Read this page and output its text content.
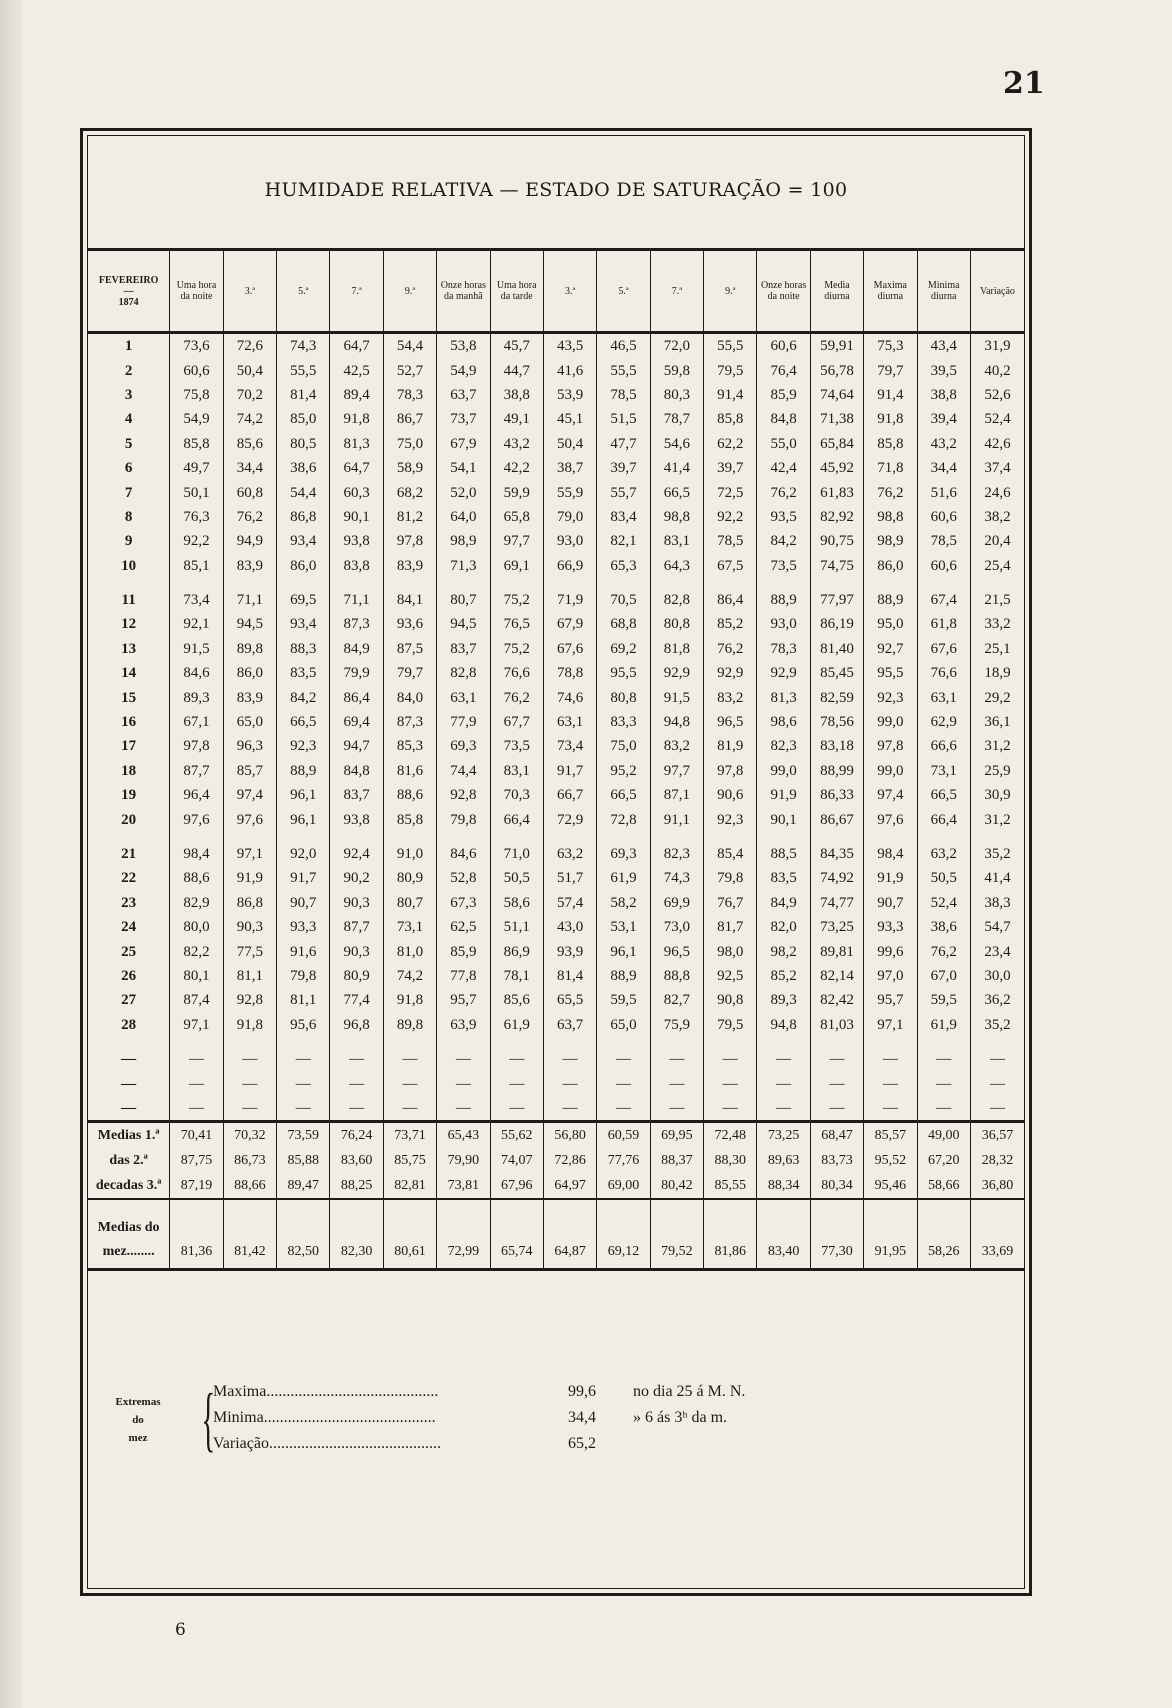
21
HUMIDADE RELATIVA — ESTADO DE SATURAÇÃO = 100
FEVEREIRO
—
1874	Uma hora da noite	3.ª	5.ª	7.ª	9.ª	Onze horas da manhã	Uma hora da tarde	3.ª	5.ª	7.ª	9.ª	Onze horas da noite	Media diurna	Maxima diurna	Minima diurna	Variação
1	73,6	72,6	74,3	64,7	54,4	53,8	45,7	43,5	46,5	72,0	55,5	60,6	59,91	75,3	43,4	31,9
2	60,6	50,4	55,5	42,5	52,7	54,9	44,7	41,6	55,5	59,8	79,5	76,4	56,78	79,7	39,5	40,2
3	75,8	70,2	81,4	89,4	78,3	63,7	38,8	53,9	78,5	80,3	91,4	85,9	74,64	91,4	38,8	52,6
4	54,9	74,2	85,0	91,8	86,7	73,7	49,1	45,1	51,5	78,7	85,8	84,8	71,38	91,8	39,4	52,4
5	85,8	85,6	80,5	81,3	75,0	67,9	43,2	50,4	47,7	54,6	62,2	55,0	65,84	85,8	43,2	42,6
6	49,7	34,4	38,6	64,7	58,9	54,1	42,2	38,7	39,7	41,4	39,7	42,4	45,92	71,8	34,4	37,4
7	50,1	60,8	54,4	60,3	68,2	52,0	59,9	55,9	55,7	66,5	72,5	76,2	61,83	76,2	51,6	24,6
8	76,3	76,2	86,8	90,1	81,2	64,0	65,8	79,0	83,4	98,8	92,2	93,5	82,92	98,8	60,6	38,2
9	92,2	94,9	93,4	93,8	97,8	98,9	97,7	93,0	82,1	83,1	78,5	84,2	90,75	98,9	78,5	20,4
10	85,1	83,9	86,0	83,8	83,9	71,3	69,1	66,9	65,3	64,3	67,5	73,5	74,75	86,0	60,6	25,4
11	73,4	71,1	69,5	71,1	84,1	80,7	75,2	71,9	70,5	82,8	86,4	88,9	77,97	88,9	67,4	21,5
12	92,1	94,5	93,4	87,3	93,6	94,5	76,5	67,9	68,8	80,8	85,2	93,0	86,19	95,0	61,8	33,2
13	91,5	89,8	88,3	84,9	87,5	83,7	75,2	67,6	69,2	81,8	76,2	78,3	81,40	92,7	67,6	25,1
14	84,6	86,0	83,5	79,9	79,7	82,8	76,6	78,8	95,5	92,9	92,9	92,9	85,45	95,5	76,6	18,9
15	89,3	83,9	84,2	86,4	84,0	63,1	76,2	74,6	80,8	91,5	83,2	81,3	82,59	92,3	63,1	29,2
16	67,1	65,0	66,5	69,4	87,3	77,9	67,7	63,1	83,3	94,8	96,5	98,6	78,56	99,0	62,9	36,1
17	97,8	96,3	92,3	94,7	85,3	69,3	73,5	73,4	75,0	83,2	81,9	82,3	83,18	97,8	66,6	31,2
18	87,7	85,7	88,9	84,8	81,6	74,4	83,1	91,7	95,2	97,7	97,8	99,0	88,99	99,0	73,1	25,9
19	96,4	97,4	96,1	83,7	88,6	92,8	70,3	66,7	66,5	87,1	90,6	91,9	86,33	97,4	66,5	30,9
20	97,6	97,6	96,1	93,8	85,8	79,8	66,4	72,9	72,8	91,1	92,3	90,1	86,67	97,6	66,4	31,2
21	98,4	97,1	92,0	92,4	91,0	84,6	71,0	63,2	69,3	82,3	85,4	88,5	84,35	98,4	63,2	35,2
22	88,6	91,9	91,7	90,2	80,9	52,8	50,5	51,7	61,9	74,3	79,8	83,5	74,92	91,9	50,5	41,4
23	82,9	86,8	90,7	90,3	80,7	67,3	58,6	57,4	58,2	69,9	76,7	84,9	74,77	90,7	52,4	38,3
24	80,0	90,3	93,3	87,7	73,1	62,5	51,1	43,0	53,1	73,0	81,7	82,0	73,25	93,3	38,6	54,7
25	82,2	77,5	91,6	90,3	81,0	85,9	86,9	93,9	96,1	96,5	98,0	98,2	89,81	99,6	76,2	23,4
26	80,1	81,1	79,8	80,9	74,2	77,8	78,1	81,4	88,9	88,8	92,5	85,2	82,14	97,0	67,0	30,0
27	87,4	92,8	81,1	77,4	91,8	95,7	85,6	65,5	59,5	82,7	90,8	89,3	82,42	95,7	59,5	36,2
28	97,1	91,8	95,6	96,8	89,8	63,9	61,9	63,7	65,0	75,9	79,5	94,8	81,03	97,1	61,9	35,2
—	—	—	—	—	—	—	—	—	—	—	—	—	—	—	—	—
—	—	—	—	—	—	—	—	—	—	—	—	—	—	—	—	—
—	—	—	—	—	—	—	—	—	—	—	—	—	—	—	—	—
Medias 1.ª	70,41	70,32	73,59	76,24	73,71	65,43	55,62	56,80	60,59	69,95	72,48	73,25	68,47	85,57	49,00	36,57
das 2.ª	87,75	86,73	85,88	83,60	85,75	79,90	74,07	72,86	77,76	88,37	88,30	89,63	83,73	95,52	67,20	28,32
decadas 3.ª	87,19	88,66	89,47	88,25	82,81	73,81	67,96	64,97	69,00	80,42	85,55	88,34	80,34	95,46	58,66	36,80

Medias do
mez........	81,36	81,42	82,50	82,30	80,61	72,99	65,74	64,87	69,12	79,52	81,86	83,40	77,30	91,95	58,26	33,69
Extremas
do
mez {
Maxima...........................................	99,6 no dia 25 á M. N.
Minima...........................................	34,4 » 6 ás 3ʰ da m.
Variação...........................................	65,2
6
